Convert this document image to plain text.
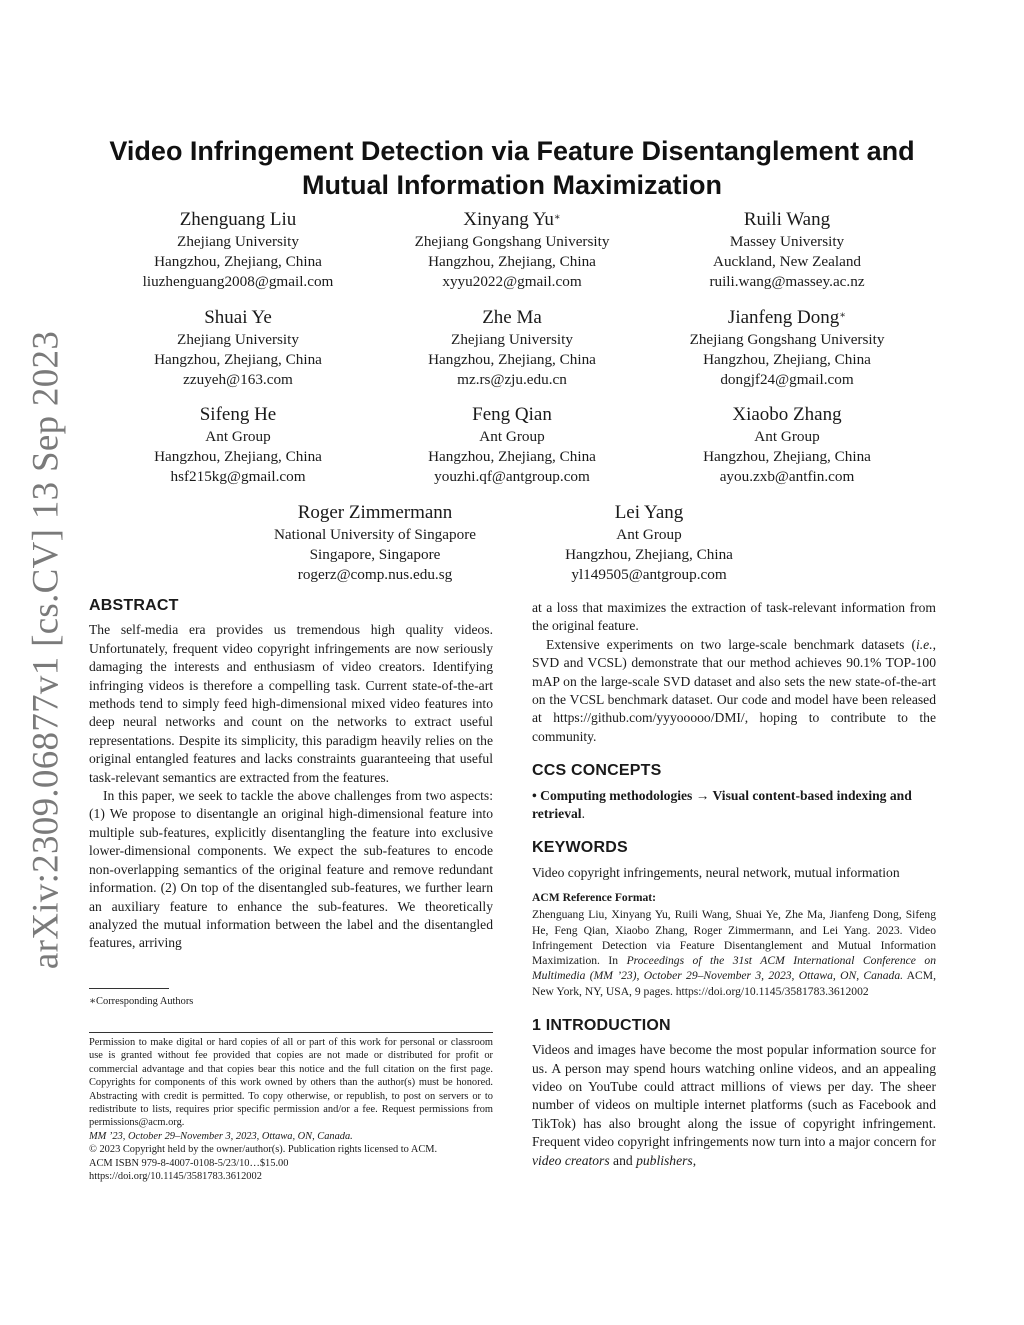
arXiv:2309.06877v1 [cs.CV] 13 Sep 2023
Video Infringement Detection via Feature Disentanglement and
Mutual Information Maximization
Zhenguang Liu
Zhejiang University
Hangzhou, Zhejiang, China
liuzhenguang2008@gmail.com
Xinyang Yu∗
Zhejiang Gongshang University
Hangzhou, Zhejiang, China
xyyu2022@gmail.com
Ruili Wang
Massey University
Auckland, New Zealand
ruili.wang@massey.ac.nz
Shuai Ye
Zhejiang University
Hangzhou, Zhejiang, China
zzuyeh@163.com
Zhe Ma
Zhejiang University
Hangzhou, Zhejiang, China
mz.rs@zju.edu.cn
Jianfeng Dong∗
Zhejiang Gongshang University
Hangzhou, Zhejiang, China
dongjf24@gmail.com
Sifeng He
Ant Group
Hangzhou, Zhejiang, China
hsf215kg@gmail.com
Feng Qian
Ant Group
Hangzhou, Zhejiang, China
youzhi.qf@antgroup.com
Xiaobo Zhang
Ant Group
Hangzhou, Zhejiang, China
ayou.zxb@antfin.com
Roger Zimmermann
National University of Singapore
Singapore, Singapore
rogerz@comp.nus.edu.sg
Lei Yang
Ant Group
Hangzhou, Zhejiang, China
yl149505@antgroup.com
ABSTRACT

The self-media era provides us tremendous high quality videos. Unfortunately, frequent video copyright infringements are now seriously damaging the interests and enthusiasm of video creators. Identifying infringing videos is therefore a compelling task. Current state-of-the-art methods tend to simply feed high-dimensional mixed video features into deep neural networks and count on the networks to extract useful representations. Despite its simplicity, this paradigm heavily relies on the original entangled features and lacks constraints guaranteeing that useful task-relevant semantics are extracted from the features.

In this paper, we seek to tackle the above challenges from two aspects: (1) We propose to disentangle an original high-dimensional feature into multiple sub-features, explicitly disentangling the feature into exclusive lower-dimensional components. We expect the sub-features to encode non-overlapping semantics of the original feature and remove redundant information. (2) On top of the disentangled sub-features, we further learn an auxiliary feature to enhance the sub-features. We theoretically analyzed the mutual information between the label and the disentangled features, arriving

∗Corresponding Authors
Permission to make digital or hard copies of all or part of this work for personal or classroom use is granted without fee provided that copies are not made or distributed for profit or commercial advantage and that copies bear this notice and the full citation on the first page. Copyrights for components of this work owned by others than the author(s) must be honored. Abstracting with credit is permitted. To copy otherwise, or republish, to post on servers or to redistribute to lists, requires prior specific permission and/or a fee. Request permissions from permissions@acm.org.
MM ’23, October 29–November 3, 2023, Ottawa, ON, Canada.
© 2023 Copyright held by the owner/author(s). Publication rights licensed to ACM.
ACM ISBN 979-8-4007-0108-5/23/10…$15.00
https://doi.org/10.1145/3581783.3612002

at a loss that maximizes the extraction of task-relevant information from the original feature.

Extensive experiments on two large-scale benchmark datasets (i.e., SVD and VCSL) demonstrate that our method achieves 90.1% TOP-100 mAP on the large-scale SVD dataset and also sets the new state-of-the-art on the VCSL benchmark dataset. Our code and model have been released at https://github.com/yyyooooo/DMI/, hoping to contribute to the community.

CCS CONCEPTS

• Computing methodologies → Visual content-based indexing and retrieval.

KEYWORDS

Video copyright infringements, neural network, mutual information

ACM Reference Format:

Zhenguang Liu, Xinyang Yu, Ruili Wang, Shuai Ye, Zhe Ma, Jianfeng Dong, Sifeng He, Feng Qian, Xiaobo Zhang, Roger Zimmermann, and Lei Yang. 2023. Video Infringement Detection via Feature Disentanglement and Mutual Information Maximization. In Proceedings of the 31st ACM International Conference on Multimedia (MM ’23), October 29–November 3, 2023, Ottawa, ON, Canada. ACM, New York, NY, USA, 9 pages. https://doi.org/10.1145/3581783.3612002

1 INTRODUCTION

Videos and images have become the most popular information source for us. A person may spend hours watching online videos, and an appealing video on YouTube could attract millions of views per day. The sheer number of videos on multiple internet platforms (such as Facebook and TikTok) has also brought along the issue of copyright infringement. Frequent video copyright infringements now turn into a major concern for video creators and publishers,
